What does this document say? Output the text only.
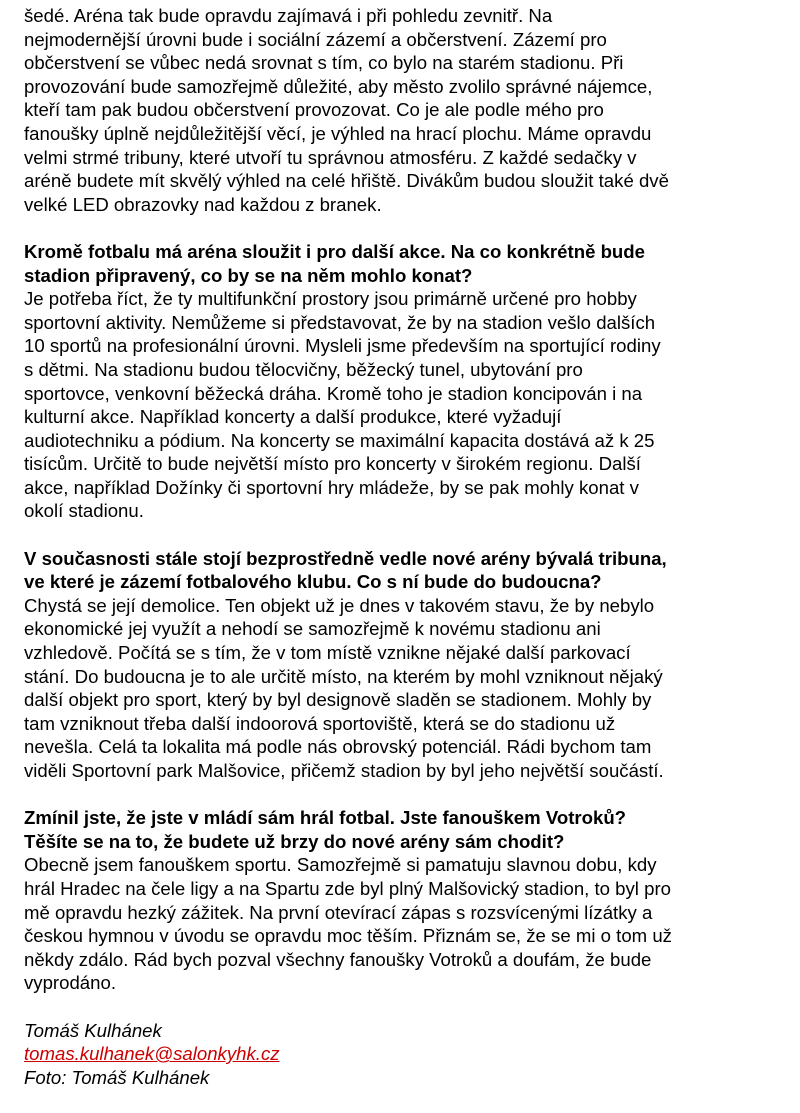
šedé. Aréna tak bude opravdu zajímavá i při pohledu zevnitř. Na
nejmodernější úrovni bude i sociální zázemí a občerstvení. Zázemí pro
občerstvení se vůbec nedá srovnat s tím, co bylo na starém stadionu. Při
provozování bude samozřejmě důležité, aby město zvolilo správné nájemce,
kteří tam pak budou občerstvení provozovat. Co je ale podle mého pro
fanoušky úplně nejdůležitější věcí, je výhled na hrací plochu. Máme opravdu
velmi strmé tribuny, které utvoří tu správnou atmosféru. Z každé sedačky v
aréně budete mít skvělý výhled na celé hřiště. Divákům budou sloužit také dvě
velké LED obrazovky nad každou z branek.

Kromě fotbalu má aréna sloužit i pro další akce. Na co konkrétně bude
stadion připravený, co by se na něm mohlo konat?

Je potřeba říct, že ty multifunkční prostory jsou primárně určené pro hobby
sportovní aktivity. Nemůžeme si představovat, že by na stadion vešlo dalších
10 sportů na profesionální úrovni. Mysleli jsme především na sportující rodiny
s dětmi. Na stadionu budou tělocvičny, běžecký tunel, ubytování pro
sportovce, venkovní běžecká dráha. Kromě toho je stadion koncipován i na
kulturní akce. Například koncerty a další produkce, které vyžadují
audiotechniku a pódium. Na koncerty se maximální kapacita dostává až k 25
tisícům. Určitě to bude největší místo pro koncerty v širokém regionu. Další
akce, například Dožínky či sportovní hry mládeže, by se pak mohly konat v
okolí stadionu.

V současnosti stále stojí bezprostředně vedle nové arény bývalá tribuna,
ve které je zázemí fotbalového klubu. Co s ní bude do budoucna?

Chystá se její demolice. Ten objekt už je dnes v takovém stavu, že by nebylo
ekonomické jej využít a nehodí se samozřejmě k novému stadionu ani
vzhledově. Počítá se s tím, že v tom místě vznikne nějaké další parkovací
stání. Do budoucna je to ale určitě místo, na kterém by mohl vzniknout nějaký
další objekt pro sport, který by byl designově sladěn se stadionem. Mohly by
tam vzniknout třeba další indoorová sportoviště, která se do stadionu už
nevešla. Celá ta lokalita má podle nás obrovský potenciál. Rádi bychom tam
viděli Sportovní park Malšovice, přičemž stadion by byl jeho největší součástí.

Zmínil jste, že jste v mládí sám hrál fotbal. Jste fanouškem Votroků?
Těšíte se na to, že budete už brzy do nové arény sám chodit?

Obecně jsem fanouškem sportu. Samozřejmě si pamatuju slavnou dobu, kdy
hrál Hradec na čele ligy a na Spartu zde byl plný Malšovický stadion, to byl pro
mě opravdu hezký zážitek. Na první otevírací zápas s rozsvícenými lízátky a
českou hymnou v úvodu se opravdu moc těším. Přiznám se, že se mi o tom už
někdy zdálo. Rád bych pozval všechny fanoušky Votroků a doufám, že bude
vyprodáno.

Tomáš Kulhánek

tomas.kulhanek@salonkyhk.cz

Foto: Tomáš Kulhánek
